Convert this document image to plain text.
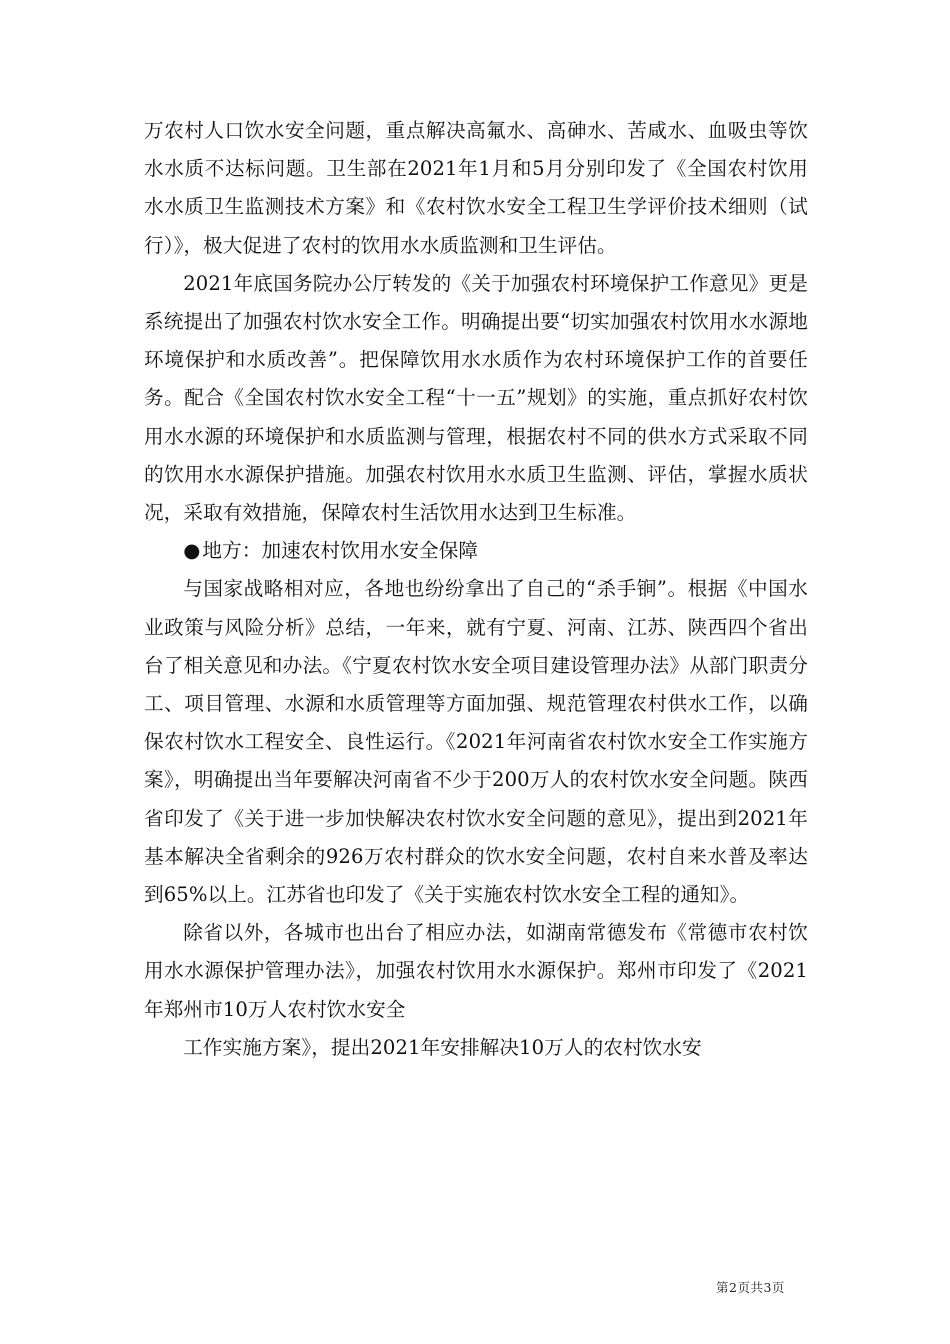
万农村人口饮水安全问题，重点解决高氟水、高砷水、苦咸水、血吸虫等饮水水质不达标问题。卫生部在2021年1月和5月分别印发了《全国农村饮用水水质卫生监测技术方案》和《农村饮水安全工程卫生学评价技术细则（试行）》，极大促进了农村的饮用水水质监测和卫生评估。

2021年底国务院办公厅转发的《关于加强农村环境保护工作意见》更是系统提出了加强农村饮水安全工作。明确提出要“切实加强农村饮用水水源地环境保护和水质改善”。把保障饮用水水质作为农村环境保护工作的首要任务。配合《全国农村饮水安全工程“十一五”规划》的实施，重点抓好农村饮用水水源的环境保护和水质监测与管理，根据农村不同的供水方式采取不同的饮用水水源保护措施。加强农村饮用水水质卫生监测、评估，掌握水质状况，采取有效措施，保障农村生活饮用水达到卫生标准。

● 地方：加速农村饮用水安全保障

与国家战略相对应，各地也纷纷拿出了自己的“杀手锏”。根据《中国水业政策与风险分析》总结，一年来，就有宁夏、河南、江苏、陕西四个省出台了相关意见和办法。《宁夏农村饮水安全项目建设管理办法》从部门职责分工、项目管理、水源和水质管理等方面加强、规范管理农村供水工作，以确保农村饮水工程安全、良性运行。《2021年河南省农村饮水安全工作实施方案》，明确提出当年要解决河南省不少于200万人的农村饮水安全问题。陕西省印发了《关于进一步加快解决农村饮水安全问题的意见》，提出到2021年基本解决全省剩余的926万农村群众的饮水安全问题，农村自来水普及率达到65%以上。江苏省也印发了《关于实施农村饮水安全工程的通知》。

除省以外，各城市也出台了相应办法，如湖南常德发布《常德市农村饮用水水源保护管理办法》，加强农村饮用水水源保护。郑州市印发了《2021年郑州市10万人农村饮水安全

工作实施方案》，提出2021年安排解决10万人的农村饮水安

第2页共3页
